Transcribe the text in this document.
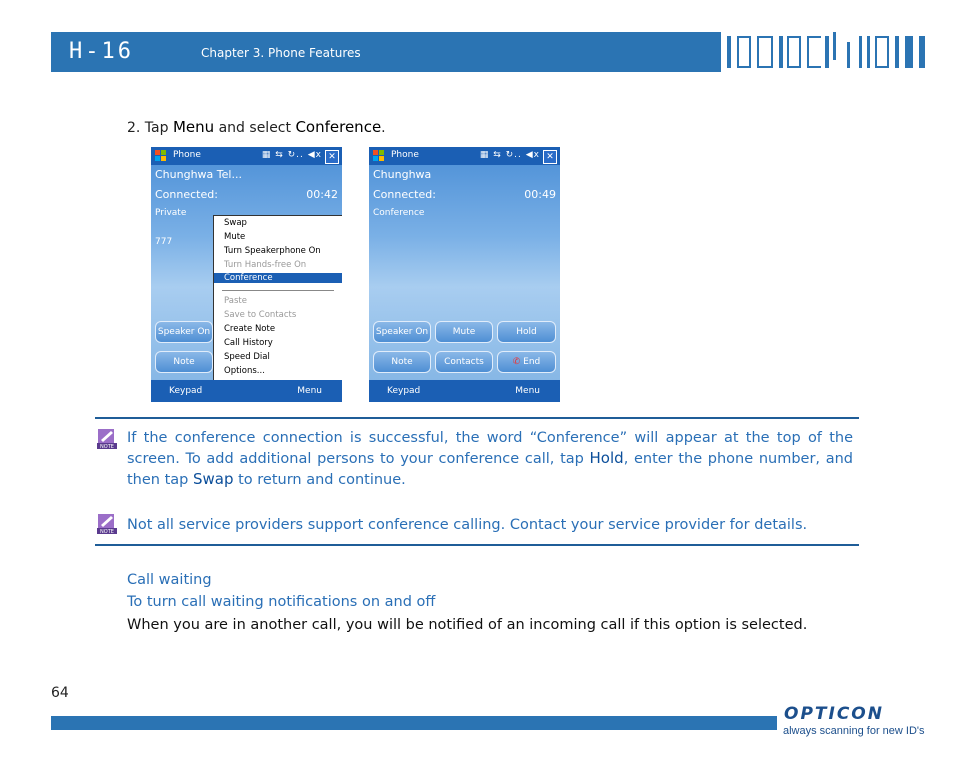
H-16	Chapter 3. Phone Features
2. Tap Menu and select Conference.
Phone	▦ ⇆ ↻.. ◀x ✕
Chunghwa Tel...
Connected:	00:42
Private
777
Speaker On
Note
Swap
Mute
Turn Speakerphone On
Turn Hands-free On
Conference
Paste
Save to Contacts
Create Note
Call History
Speed Dial
Options...
Keypad	Menu
Phone	▦ ⇆ ↻.. ◀x ✕
Chunghwa
Connected:	00:49
Conference
Speaker On	Mute	Hold
Note	Contacts	✆ End
Keypad	Menu
NOTE
If the conference connection is successful, the word “Conference” will appear at the top of the screen. To add additional persons to your conference call, tap Hold, enter the phone number, and then tap Swap to return and continue.
NOTE Not all service providers support conference calling. Contact your service provider for details.
Call waiting
To turn call waiting notifications on and off
When you are in another call, you will be notified of an incoming call if this option is selected.
64
OPTICON
always scanning for new ID's
